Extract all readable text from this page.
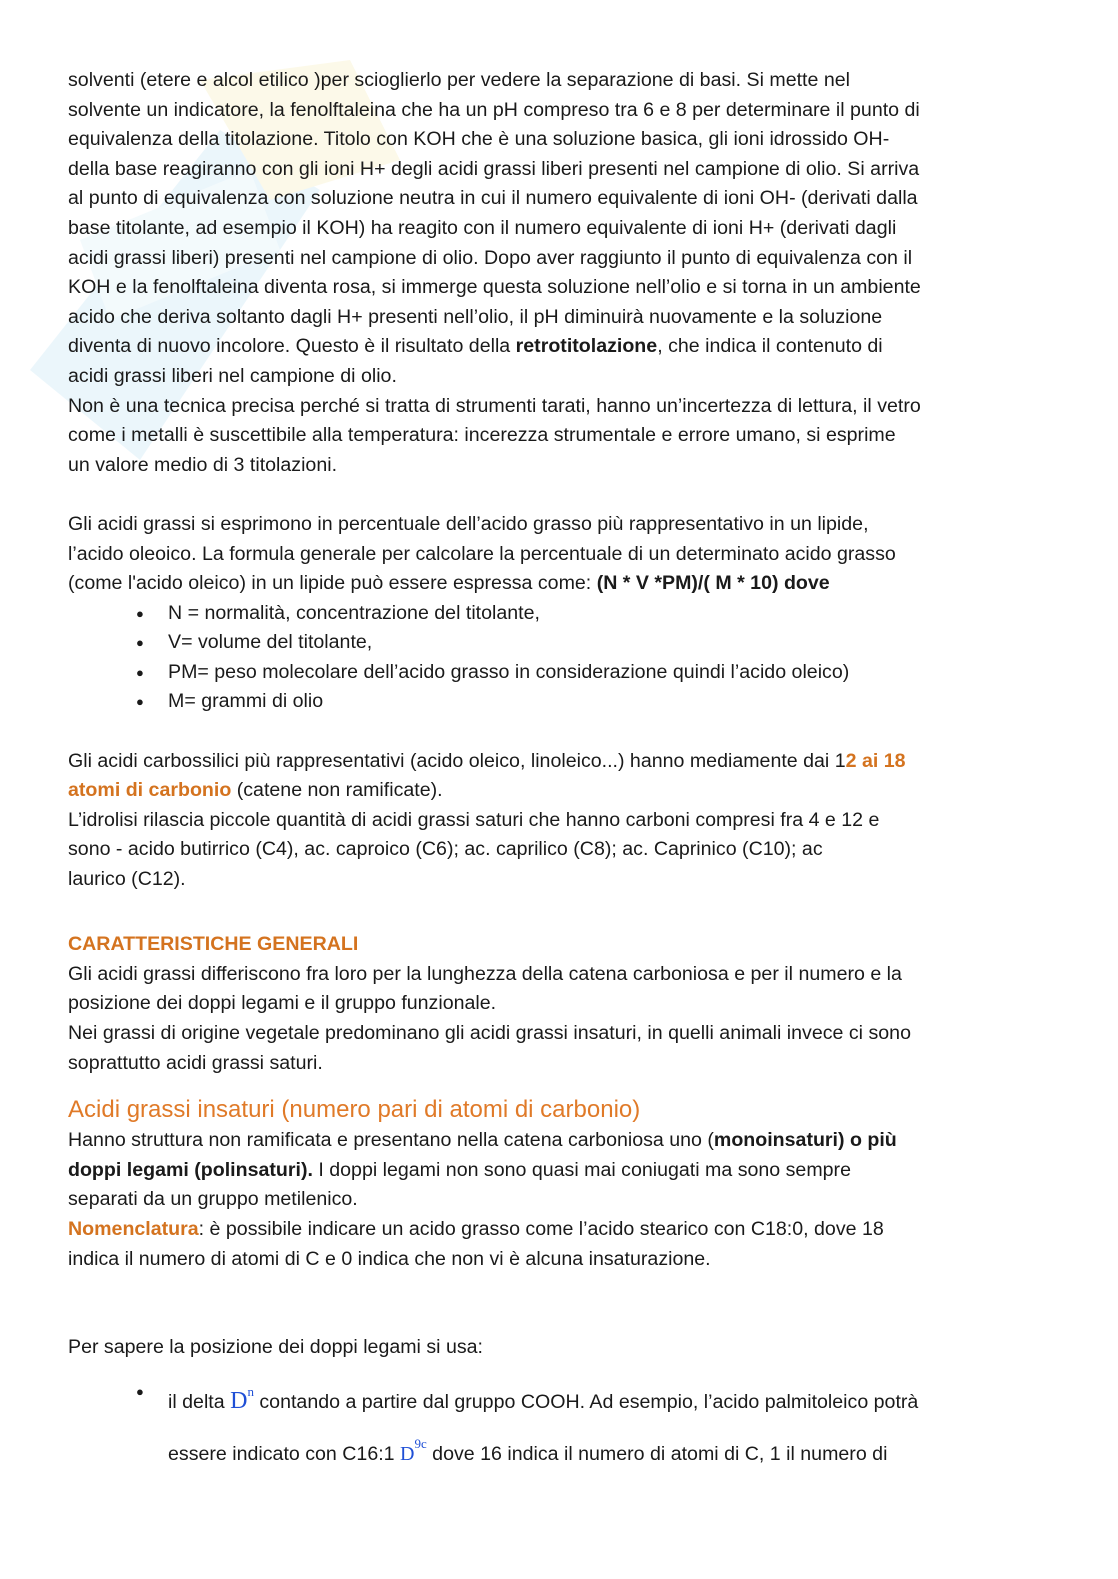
solventi (etere e alcol etilico )per scioglierlo per vedere la separazione di basi. Si mette nel

solvente un indicatore, la fenolftaleina che ha un pH compreso tra 6 e 8 per determinare il punto di

equivalenza della titolazione. Titolo con KOH che è una soluzione basica, gli ioni idrossido OH-

della base reagiranno con gli ioni H+ degli acidi grassi liberi presenti nel campione di olio. Si arriva

al punto di equivalenza con soluzione neutra in cui il numero equivalente di ioni OH- (derivati dalla

base titolante, ad esempio il KOH) ha reagito con il numero equivalente di ioni H+ (derivati dagli

acidi grassi liberi) presenti nel campione di olio. Dopo aver raggiunto il punto di equivalenza con il

KOH e la fenolftaleina diventa rosa, si immerge questa soluzione nell’olio e si torna in un ambiente

acido che deriva soltanto dagli H+ presenti nell’olio, il pH diminuirà nuovamente e la soluzione

diventa di nuovo incolore. Questo è il risultato della retrotitolazione, che indica il contenuto di

acidi grassi liberi nel campione di olio.

Non è una tecnica precisa perché si tratta di strumenti tarati, hanno un’incertezza di lettura, il vetro

come i metalli è suscettibile alla temperatura: incerezza strumentale e errore umano, si esprime

un valore medio di 3 titolazioni.

Gli acidi grassi si esprimono in percentuale dell’acido grasso più rappresentativo in un lipide,

l’acido oleoico. La formula generale per calcolare la percentuale di un determinato acido grasso

(come l'acido oleico) in un lipide può essere espressa come: (N * V *PM)/( M * 10) dove

● N = normalità, concentrazione del titolante,
● V= volume del titolante,
● PM= peso molecolare dell’acido grasso in considerazione quindi l’acido oleico)
● M= grammi di olio

Gli acidi carbossilici più rappresentativi (acido oleico, linoleico...) hanno mediamente dai 12 ai 18

atomi di carbonio (catene non ramificate).

L’idrolisi rilascia piccole quantità di acidi grassi saturi che hanno carboni compresi fra 4 e 12 e

sono - acido butirrico (C4), ac. caproico (C6); ac. caprilico (C8); ac. Caprinico (C10); ac

laurico (C12).

CARATTERISTICHE GENERALI

Gli acidi grassi differiscono fra loro per la lunghezza della catena carboniosa e per il numero e la

posizione dei doppi legami e il gruppo funzionale.

Nei grassi di origine vegetale predominano gli acidi grassi insaturi, in quelli animali invece ci sono

soprattutto acidi grassi saturi.

Acidi grassi insaturi (numero pari di atomi di carbonio)

Hanno struttura non ramificata e presentano nella catena carboniosa uno (monoinsaturi) o più

doppi legami (polinsaturi). I doppi legami non sono quasi mai coniugati ma sono sempre

separati da un gruppo metilenico.

Nomenclatura: è possibile indicare un acido grasso come l’acido stearico con C18:0, dove 18

indica il numero di atomi di C e 0 indica che non vi è alcuna insaturazione.

Per sapere la posizione dei doppi legami si usa:

● il delta $D^n$ contando a partire dal gruppo COOH. Ad esempio, l’acido palmitoleico potrà
essere indicato con C16:1 $D^{9c}$ dove 16 indica il numero di atomi di C, 1 il numero di
